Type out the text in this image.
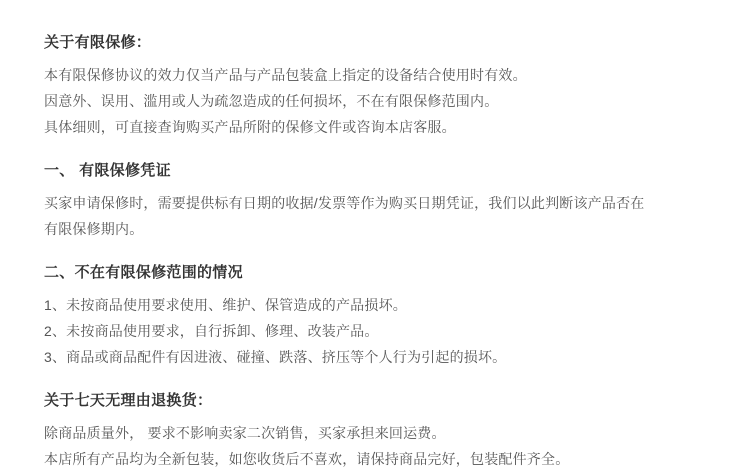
关于有限保修：

本有限保修协议的效力仅当产品与产品包装盒上指定的设备结合使用时有效。

因意外、误用、滥用或人为疏忽造成的任何损坏，不在有限保修范围内。

具体细则，可直接查询购买产品所附的保修文件或咨询本店客服。

一、 有限保修凭证

买家申请保修时，需要提供标有日期的收据/发票等作为购买日期凭证，我们以此判断该产品否在

有限保修期内。

二、不在有限保修范围的情况

1、未按商品使用要求使用、维护、保管造成的产品损坏。

2、未按商品使用要求，自行拆卸、修理、改装产品。

3、商品或商品配件有因进液、碰撞、跌落、挤压等个人行为引起的损坏。

关于七天无理由退换货：

除商品质量外， 要求不影响卖家二次销售，买家承担来回运费。

本店所有产品均为全新包装，如您收货后不喜欢，请保持商品完好，包装配件齐全。
